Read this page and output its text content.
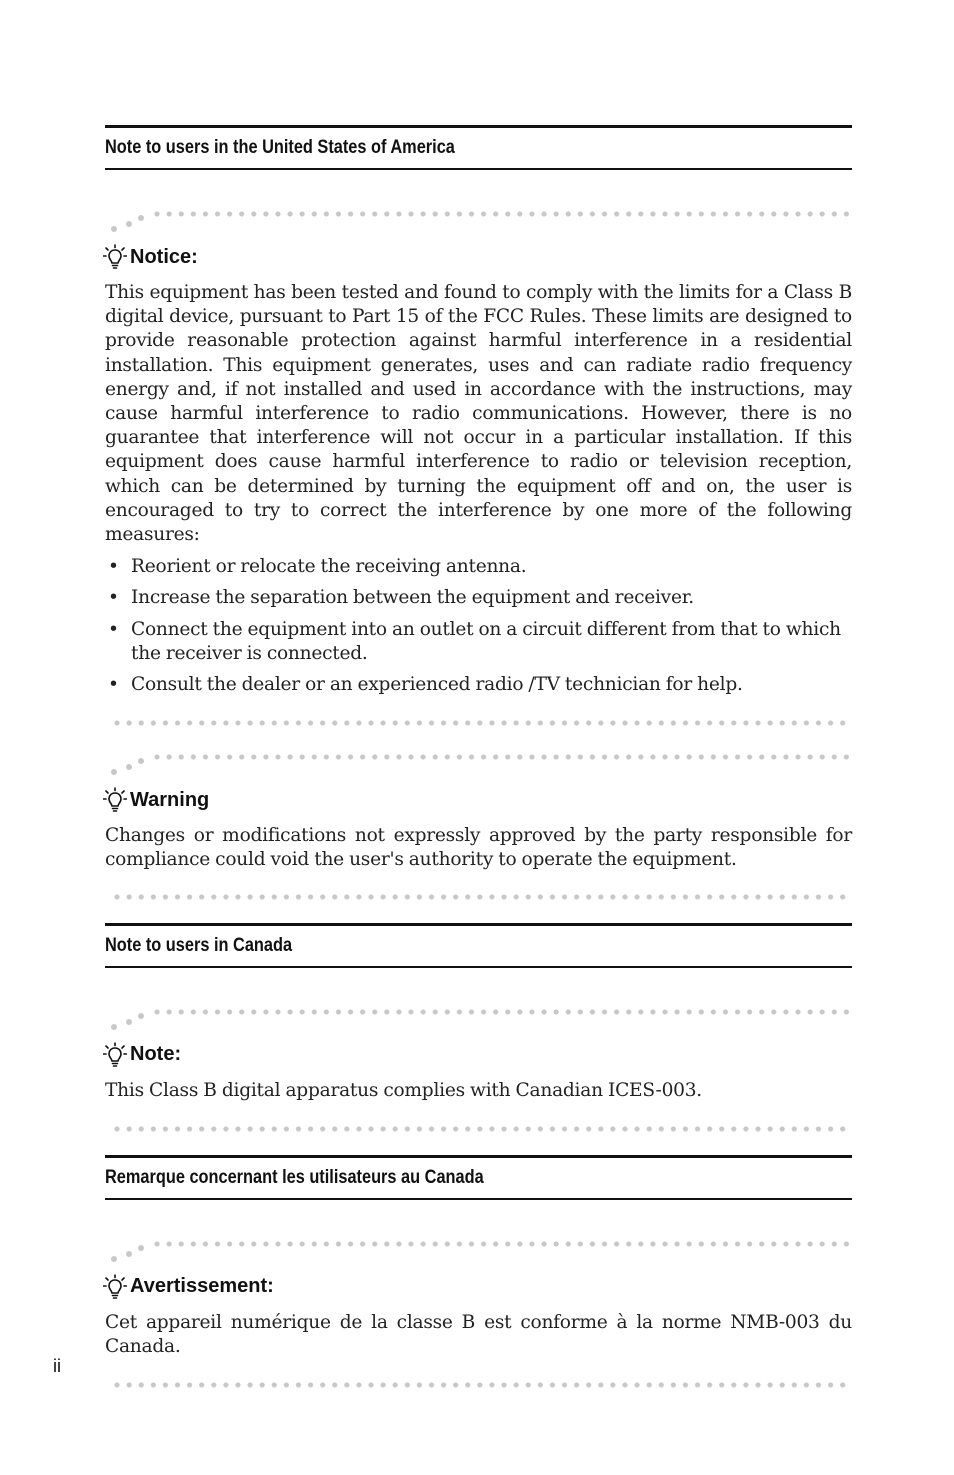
Note to users in the United States of America
Notice:

This equipment has been tested and found to comply with the limits for a Class B digital device, pursuant to Part 15 of the FCC Rules. These limits are designed to provide reasonable protection against harmful interference in a residential installation. This equipment generates, uses and can radiate radio frequency energy and, if not installed and used in accordance with the instructions, may cause harmful interference to radio communications. However, there is no guarantee that interference will not occur in a particular installation. If this equipment does cause harmful interference to radio or television reception, which can be determined by turning the equipment off and on, the user is encouraged to try to correct the interference by one more of the following measures:

• Reorient or relocate the receiving antenna.
• Increase the separation between the equipment and receiver.
• Connect the equipment into an outlet on a circuit different from that to which the receiver is connected.
• Consult the dealer or an experienced radio /TV technician for help.
Warning

Changes or modifications not expressly approved by the party responsible for compliance could void the user's authority to operate the equipment.

Note to users in Canada
Note:

This Class B digital apparatus complies with Canadian ICES-003.

Remarque concernant les utilisateurs au Canada
Avertissement:

Cet appareil numérique de la classe B est conforme à la norme NMB-003 du Canada.

ii
